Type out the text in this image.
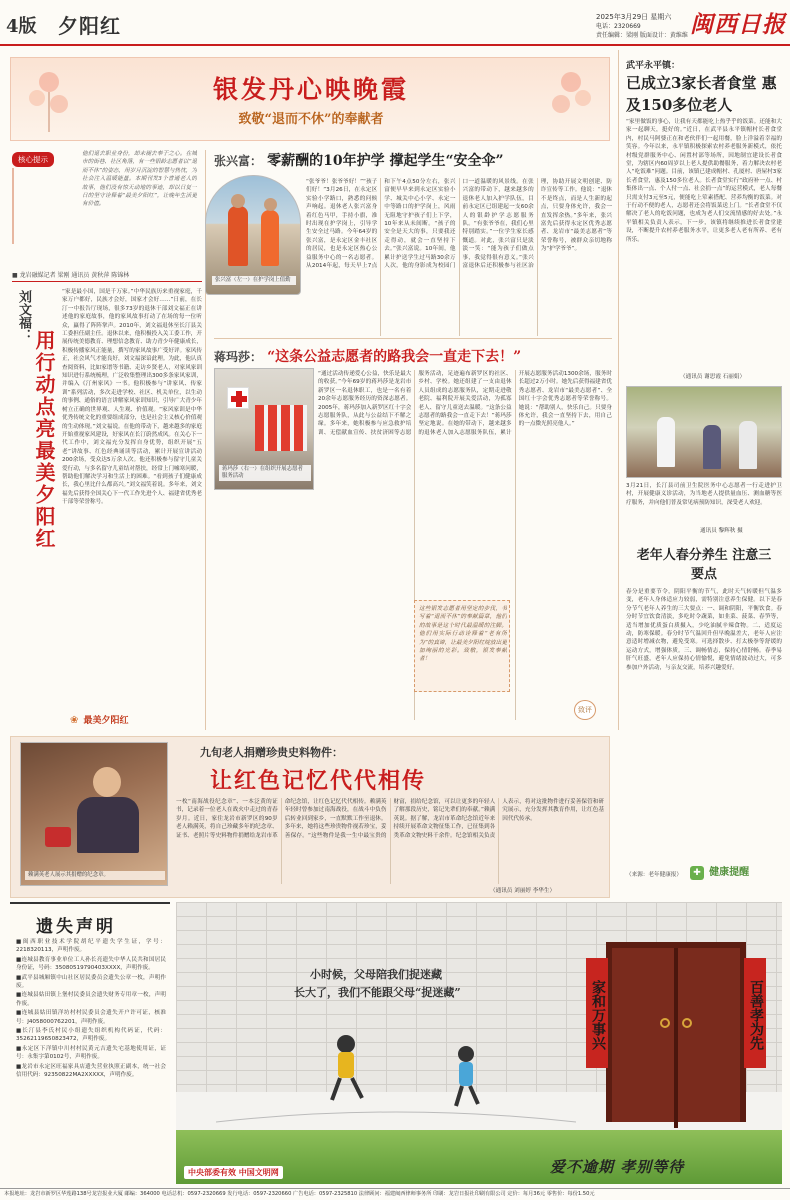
4版 夕阳红	2025年3月29日 星期六
电话：2320669
责任编辑：梁刚 版面设计：黄维维 闽西日报
银发丹心映晚霞
致敬“退而不休”的奉献者
核心提示
他们退去职业身份，却未褪去奉于之心。在城市的街巷、社区角落，有一些银龄志愿者以“退而不休”的姿态，用岁月沉淀的智慧与热忱，为社会注入温暖能量。本期刊发3个普通老人的故事，他们没有惊天动地的事迹，却以日复一日的坚守诠释着“最美夕阳红”，让晚年生活更有价值。
■ 龙岩融媒记者 梁刚 通讯员 黄秋萍 陈锦林
刘文福：
用行动点亮最美夕阳红
“家是最小国，国是千万家。”中华民族历来重视家庭，千家万户都好，民族才会好，国家才会好……”日前，在长汀一中报告厅现场，很多73岁的退休干部刘文福正在讲述他的家庭故事，他的家风故事打动了在场的每一位听众，赢得了阵阵掌声。2010年，刘文福退休至长汀县关工委担任副主任。退休以来，他积极投入关工委工作，开展传统美德教育、理想信念教育、助力青少年健康成长，积极传播家风正能量，撰写的家风故事广受好评。家风传正，社会风气才能良好，刘文福深谙此理。为此，他认真查阅资料，比如家谱等书籍、走访乡贤老人，对家风家训知识进行系统梳理，广泛收集整理出300多条家风家训，并编入《汀州家风》一书。他积极参与“讲家风、传家训”系列活动，多次走进学校、社区、机关单位，以生动的事例、通俗的语言讲解家风家训知识，引导广大青少年树立正确的世界观、人生观、价值观。“家风家训是中华优秀传统文化的重要组成部分，也是社会主义核心价值观的生动体现。”刘文福说。在他的带动下，越来越多的家庭开始重视家风建设，好家风在长汀蔚然成风。在关心下一代工作中，刘文福充分发挥自身优势，组织开展“五老”讲故事、红色经典诵读等活动，累计开展宣讲活动200余场，受众达5万余人次。他还积极参与留守儿童关爱行动，与多名留守儿童结对帮扶，经常上门嘘寒问暖，帮助他们解决学习和生活上的困难。“看到孩子们健康成长，我心里比什么都高兴。”刘文福笑着说。多年来，刘文福先后获得全国关心下一代工作先进个人、福建省优秀老干部等荣誉称号。
❀ 最美夕阳红
张兴富： 零薪酬的10年护学 撑起学生“安全伞”
张兴富（左一）在护学岗上值勤
“张爷爷！张爷爷好！”“孩子们好！”3月26日，在永定区实验小学路口，熟悉的问候声响起。退休老人张兴富身着红色马甲，手持小旗，准时出现在护学岗上，引导学生安全过马路。今年64岁的张兴富，是永定区金丰社区的居民，也是永定区热心公益服务中心的一名志愿者。从2014年起，每天早上7点和下午4点50分左右，张兴富便早早来到永定区实验小学、城关中心小学、永定一中等路口的护学岗上，风雨无阻地守护孩子们上下学，10年来从未间断。“孩子的安全是天大的事，只要我还走得动，就会一直坚持下去。”张兴富说。10年间，他累计护送学生过马路30余万人次，他的身影成为校园门口一道温暖的风景线。在张兴富的带动下，越来越多的退休老人加入护学队伍，目前永定区已组建起一支60余人的银龄护学志愿服务队。“有张爷爷在，我们心里特别踏实。”一位学生家长感慨道。对此，张兴富只是淡淡一笑：“能为孩子们做点事，我觉得很有意义。”张兴富退休后还积极参与社区治理，协助开展文明创建、防诈宣传等工作。他说：“退休不是终点，而是人生新的起点，只要身体允许，我会一直发挥余热。”多年来，张兴富先后获得永定区优秀志愿者、龙岩市“最美志愿者”等荣誉称号，被群众亲切地称为“护学爷爷”。
蒋玛莎： “这条公益志愿者的路我会一直走下去！”
蒋玛莎（右一）在组织开展志愿者服务活动
“通过活动传递爱心公益，快乐是最大的收获。”今年69岁的蒋玛莎是龙岩市新罗区一名退休职工，也是一名有着20余年志愿服务经历的资深志愿者。2005年，蒋玛莎加入新罗区红十字会志愿服务队，从此与公益结下不解之缘。多年来，她积极参与应急救护培训、无偿献血宣传、扶贫济困等志愿服务活动，足迹遍布新罗区的社区、乡村、学校。她还组建了一支由退休人员组成的志愿服务队，定期走进敬老院、福利院开展关爱活动，为孤寡老人、留守儿童送去温暖。“这条公益志愿者的路我会一直走下去！”蒋玛莎坚定地说。在她的带动下，越来越多的退休老人加入志愿服务队伍，累计开展志愿服务活动1300余场，服务时长超过2万小时。她先后获得福建省优秀志愿者、龙岩市“最美志愿者”、全国红十字会优秀志愿者等荣誉称号。她说：“帮助别人，快乐自己。只要身体允许，我会一直坚持下去，用自己的一点微光照亮他人。”
这些银发志愿者用坚定的步伐，书写着“退而不休”的奉献篇章，他们的故事是这个时代最温暖的注脚。他们用实际行动诠释着“老有所为”的真谛，让最美夕阳红绽放出更加绚丽的光彩。致敬，银发奉献者！
致评
武平永平镇：
已成立3家长者食堂 惠及150多位老人
“家里做饭的事心，让我有天都能吃上热乎乎的饭菜。还能和大家一起聊天，挺好的。”近日，在武平县永平镇帽村长者食堂内，村民马阿婆正在和老伙伴们一起用餐，脸上洋溢着幸福的笑容。今年以来，永平镇积极探索农村养老服务新模式，依托村级党群服务中心、闲置村部等场所，因地制宜建设长者食堂，为辖区内60周岁以上老人提供助餐服务，着力解决农村老人“吃饭难”问题。目前，该镇已建成帽村、孔厦村、唐屋村3家长者食堂，惠及150多位老人。长者食堂实行“政府补一点、村集体出一点、个人付一点、社会捐一点”的运营模式，老人每餐只需支付3元至5元，便能吃上荤素搭配、营养均衡的饭菜。对于行动不便的老人，志愿者还会将饭菜送上门。“长者食堂不仅解决了老人的吃饭问题，也成为老人们交流情感的好去处。”永平镇相关负责人表示，下一步，该镇将继续推进长者食堂建设，不断提升农村养老服务水平，让更多老人老有所养、老有所乐。
（通讯员 谢思霞 石丽娟）
3月21日，长汀县司前卫生院医务中心志愿者一行走进护卫村，开展健康义诊活动，为当地老人提供量血压、测血糖等医疗服务，并向他们普及常见病预防知识，深受老人欢迎。
通讯员 黎辉秋 摄
老年人春分养生 注意三要点
春分是重要节令，阴阳平衡的节气，此时天气转暖但气温多变，老年人身体适应力较弱，需特别注意养生保健。以下是春分节气老年人养生的三大要点：一、调和阴阳，平衡饮食。春分时节宜饮食清淡，多吃时令蔬菜，如韭菜、菠菜、春笋等，适当增加优质蛋白质摄入，少吃油腻辛辣食物。二、适度运动，防寒保暖。春分时节气温回升但早晚温差大，老年人应注意适时增减衣物，避免受寒。可选择散步、打太极拳等舒缓的运动方式，增强体质。三、调畅情志，保持心情舒畅。春季易肝气旺盛，老年人应保持心情愉悦，避免情绪波动过大，可多参加户外活动，与亲友交流，培养兴趣爱好。
（来源：老年健康报）	✚ 健康提醒
赖满英老人展示其捐赠的纪念章。
九旬老人捐赠珍贵史料物件：
让红色记忆代代相传
一枚“南海战役纪念章”、一本泛黄的证书，记录着一位老人在战火中走过的青春岁月。近日，家住龙岩市新罗区的90岁老人赖满英，将自己珍藏多年的纪念章、证书、老照片等史料物件捐赠给龙岩市革命纪念馆，让红色记忆代代相传。赖满英年轻时曾参加过南海战役，在战斗中负伤后转业回到家乡，一直默默工作至退休。多年来，她将这些珍贵物件视若珍宝，妥善保存。“这些物件是我一生中最宝贵的财富，捐给纪念馆，可以让更多的年轻人了解那段历史，铭记先辈们的奉献。”赖满英说。据了解，龙岩市革命纪念馆近年来持续开展革命文物征集工作，已征集到各类革命文物史料千余件。纪念馆相关负责人表示，将对这批物件进行妥善保管和研究展示，充分发挥其教育作用，让红色基因代代传承。
（通讯员 刘丽婷 李华生）
遗失声明
■闽西职业技术学院胡纪平遗失学生证，学号：2218320113，声明作废。
■连城县教育事业单位工人孙长亮遗失中华人民共和国居民身份证，号码：35080519790403XXXX，声明作废。
■武平县城厢镇中山社区居民委员会遗失公章一枚，声明作废。
■连城县姑田镇上堡村民委员会遗失财务专用章一枚，声明作废。
■连城县姑田镇洋坊村村民委员会遗失开户许可证，核准号：J4058000762201，声明作废。
■长汀县李氏村民小组遗失组织机构代码证，代码：35262119650823472，声明作废。
■永定区下洋镇中川村村民黄元吉遗失宅基地使用证，证号：永集字第0102号，声明作废。
■龙岩市永定区旺福家具店遗失营业执照正副本，统一社会信用代码：92350822MA2XXXXX，声明作废。
家和万事兴	百善孝为先
小时候，父母陪我们捉迷藏
长大了，我们不能跟父母“捉迷藏”
爱不逾期 孝别等待
中央部委有效 中国文明网
本报地址：龙岩市新罗区华莲路138号龙岩报业大厦 邮编：364000 电话总机：0597-2320669 发行电话：0597-2320660 广告电话：0597-2325810 法律顾问：福建闽西律师事务所 印刷：龙岩日报社印刷有限公司 定价：每月36元 零售价：每份1.50元
